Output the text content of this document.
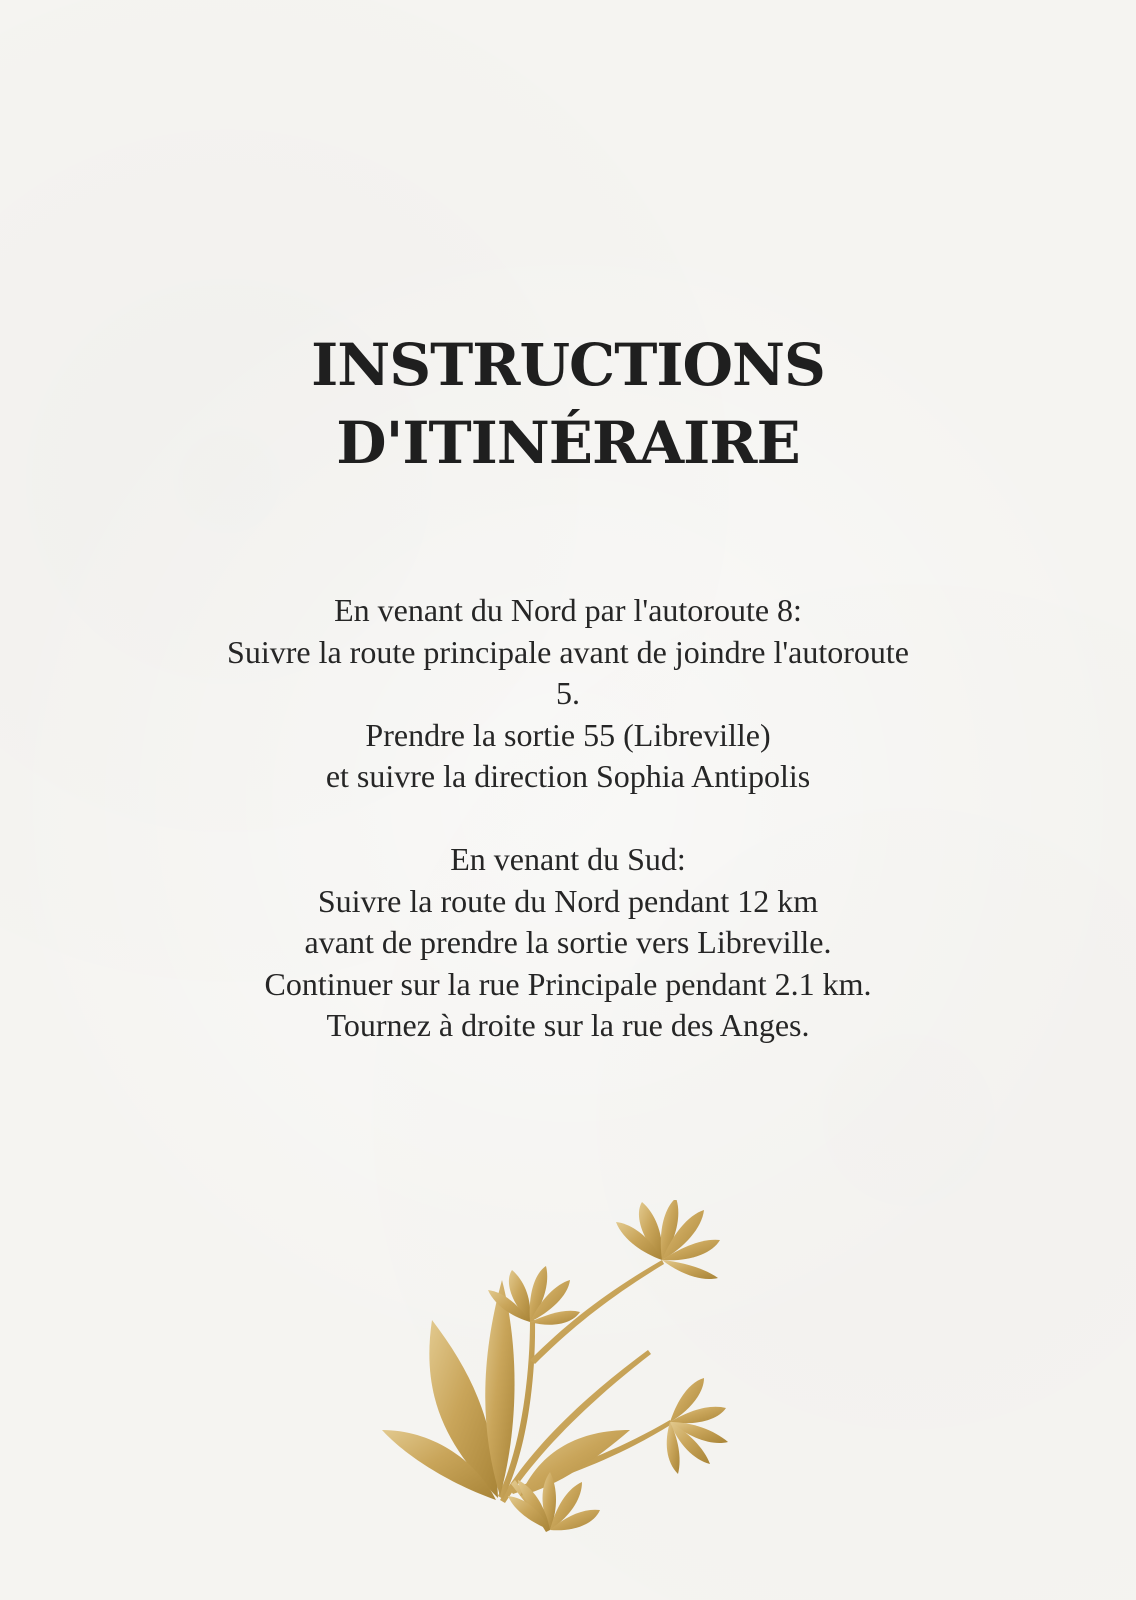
INSTRUCTIONS
D'ITINÉRAIRE

En venant du Nord par l'autoroute 8:
Suivre la route principale avant de joindre l'autoroute
5.
Prendre la sortie 55 (Libreville)
et suivre la direction Sophia Antipolis

En venant du Sud:
Suivre la route du Nord pendant 12 km
avant de prendre la sortie vers Libreville.
Continuer sur la rue Principale pendant 2.1 km.
Tournez à droite sur la rue des Anges.
